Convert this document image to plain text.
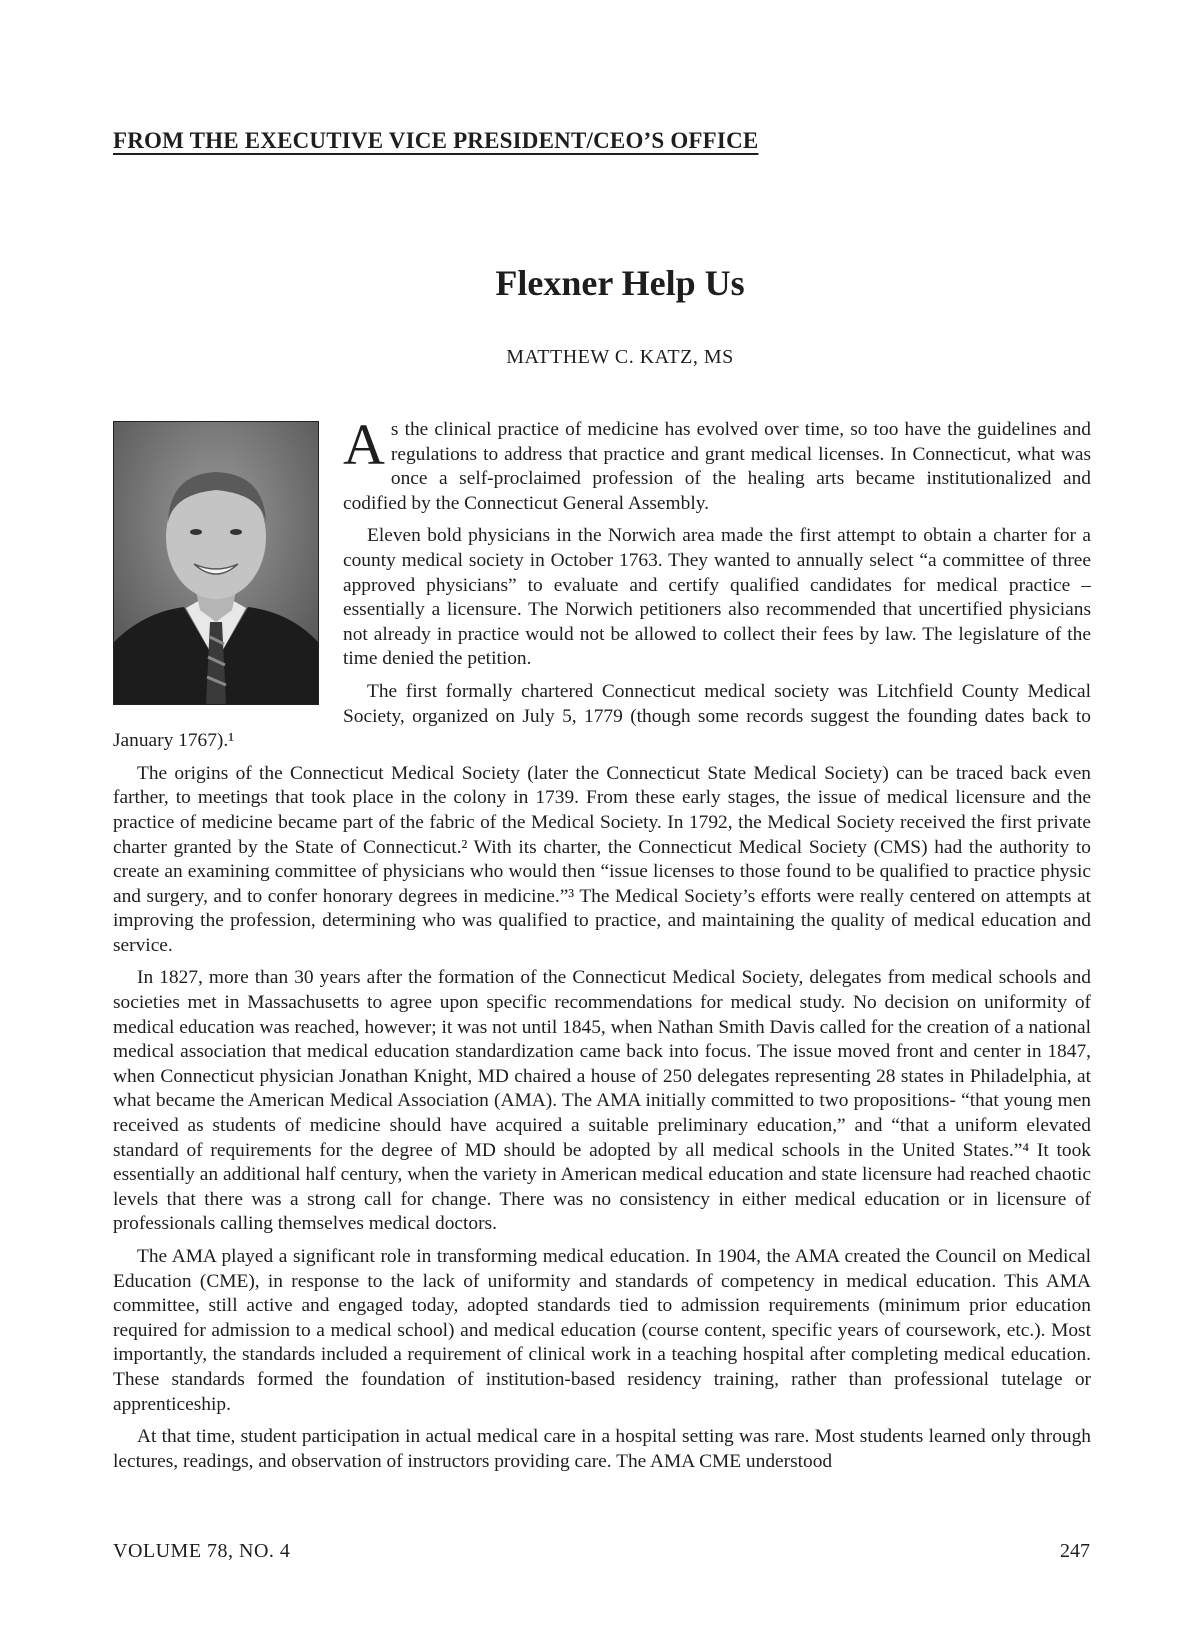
FROM THE EXECUTIVE VICE PRESIDENT/CEO’S OFFICE
Flexner Help Us
MATTHEW C. KATZ, MS

As the clinical practice of medicine has evolved over time, so too have the guidelines and regulations to address that practice and grant medical licenses. In Connecticut, what was once a self-proclaimed profession of the healing arts became institutionalized and codified by the Connecticut General Assembly.

Eleven bold physicians in the Norwich area made the first attempt to obtain a charter for a county medical society in October 1763. They wanted to annually select “a committee of three approved physicians” to evaluate and certify qualified candidates for medical practice – essentially a licensure. The Norwich petitioners also recommended that uncertified physicians not already in practice would not be allowed to collect their fees by law. The legislature of the time denied the petition.

The first formally chartered Connecticut medical society was Litchfield County Medical Society, organized on July 5, 1779 (though some records suggest the founding dates back to January 1767).¹

The origins of the Connecticut Medical Society (later the Connecticut State Medical Society) can be traced back even farther, to meetings that took place in the colony in 1739. From these early stages, the issue of medical licensure and the practice of medicine became part of the fabric of the Medical Society. In 1792, the Medical Society received the first private charter granted by the State of Connecticut.² With its charter, the Connecticut Medical Society (CMS) had the authority to create an examining committee of physicians who would then “issue licenses to those found to be qualified to practice physic and surgery, and to confer honorary degrees in medicine.”³ The Medical Society’s efforts were really centered on attempts at improving the profession, determining who was qualified to practice, and maintaining the quality of medical education and service.

In 1827, more than 30 years after the formation of the Connecticut Medical Society, delegates from medical schools and societies met in Massachusetts to agree upon specific recommendations for medical study. No decision on uniformity of medical education was reached, however; it was not until 1845, when Nathan Smith Davis called for the creation of a national medical association that medical education standardization came back into focus. The issue moved front and center in 1847, when Connecticut physician Jonathan Knight, MD chaired a house of 250 delegates representing 28 states in Philadelphia, at what became the American Medical Association (AMA). The AMA initially committed to two propositions- “that young men received as students of medicine should have acquired a suitable preliminary education,” and “that a uniform elevated standard of requirements for the degree of MD should be adopted by all medical schools in the United States.”⁴ It took essentially an additional half century, when the variety in American medical education and state licensure had reached chaotic levels that there was a strong call for change. There was no consistency in either medical education or in licensure of professionals calling themselves medical doctors.

The AMA played a significant role in transforming medical education. In 1904, the AMA created the Council on Medical Education (CME), in response to the lack of uniformity and standards of competency in medical education. This AMA committee, still active and engaged today, adopted standards tied to admission requirements (minimum prior education required for admission to a medical school) and medical education (course content, specific years of coursework, etc.). Most importantly, the standards included a requirement of clinical work in a teaching hospital after completing medical education. These standards formed the foundation of institution-based residency training, rather than professional tutelage or apprenticeship.

At that time, student participation in actual medical care in a hospital setting was rare. Most students learned only through lectures, readings, and observation of instructors providing care. The AMA CME understood

VOLUME 78, NO. 4	247
